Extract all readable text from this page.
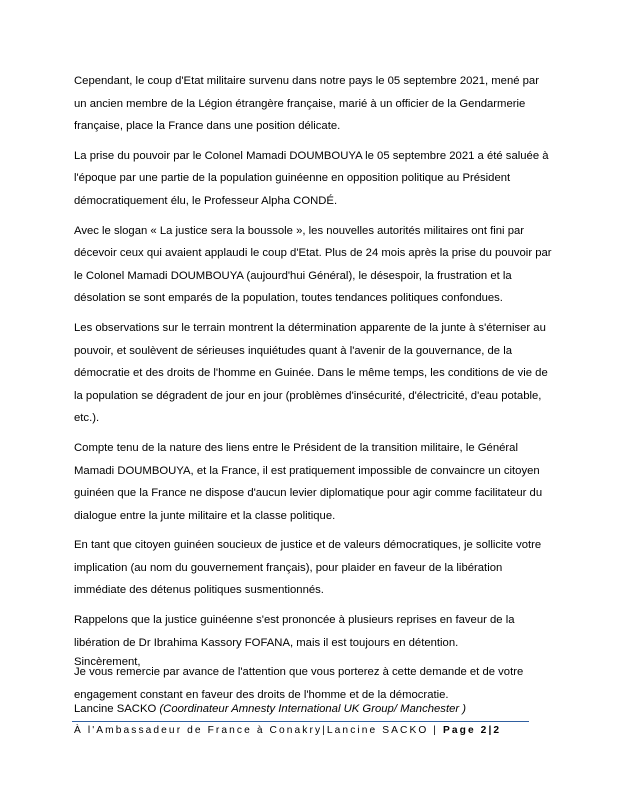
Cependant, le coup d'Etat militaire survenu dans notre pays le 05 septembre 2021, mené par un ancien membre de la Légion étrangère française, marié à un officier de la Gendarmerie française, place la France dans une position délicate.

La prise du pouvoir par le Colonel Mamadi DOUMBOUYA le 05 septembre 2021 a été saluée à l'époque par une partie de la population guinéenne en opposition politique au Président démocratiquement élu, le Professeur Alpha CONDÉ.

Avec le slogan « La justice sera la boussole », les nouvelles autorités militaires ont fini par décevoir ceux qui avaient applaudi le coup d'Etat. Plus de 24 mois après la prise du pouvoir par le Colonel Mamadi DOUMBOUYA (aujourd'hui Général), le désespoir, la frustration et la désolation se sont emparés de la population, toutes tendances politiques confondues.

Les observations sur le terrain montrent la détermination apparente de la junte à s'éterniser au pouvoir, et soulèvent de sérieuses inquiétudes quant à l'avenir de la gouvernance, de la démocratie et des droits de l'homme en Guinée. Dans le même temps, les conditions de vie de la population se dégradent de jour en jour (problèmes d'insécurité, d'électricité, d'eau potable, etc.).

Compte tenu de la nature des liens entre le Président de la transition militaire, le Général Mamadi DOUMBOUYA, et la France, il est pratiquement impossible de convaincre un citoyen guinéen que la France ne dispose d'aucun levier diplomatique pour agir comme facilitateur du dialogue entre la junte militaire et la classe politique.

En tant que citoyen guinéen soucieux de justice et de valeurs démocratiques, je sollicite votre implication (au nom du gouvernement français), pour plaider en faveur de la libération immédiate des détenus politiques susmentionnés.

Rappelons que la justice guinéenne s'est prononcée à plusieurs reprises en faveur de la libération de Dr Ibrahima Kassory FOFANA, mais il est toujours en détention.

Je vous remercie par avance de l'attention que vous porterez à cette demande et de votre engagement constant en faveur des droits de l'homme et de la démocratie.

Sincèrement,
Lancine SACKO (Coordinateur Amnesty International UK Group/ Manchester )
À l'Ambassadeur de France à Conakry|Lancine SACKO | Page 2|2
